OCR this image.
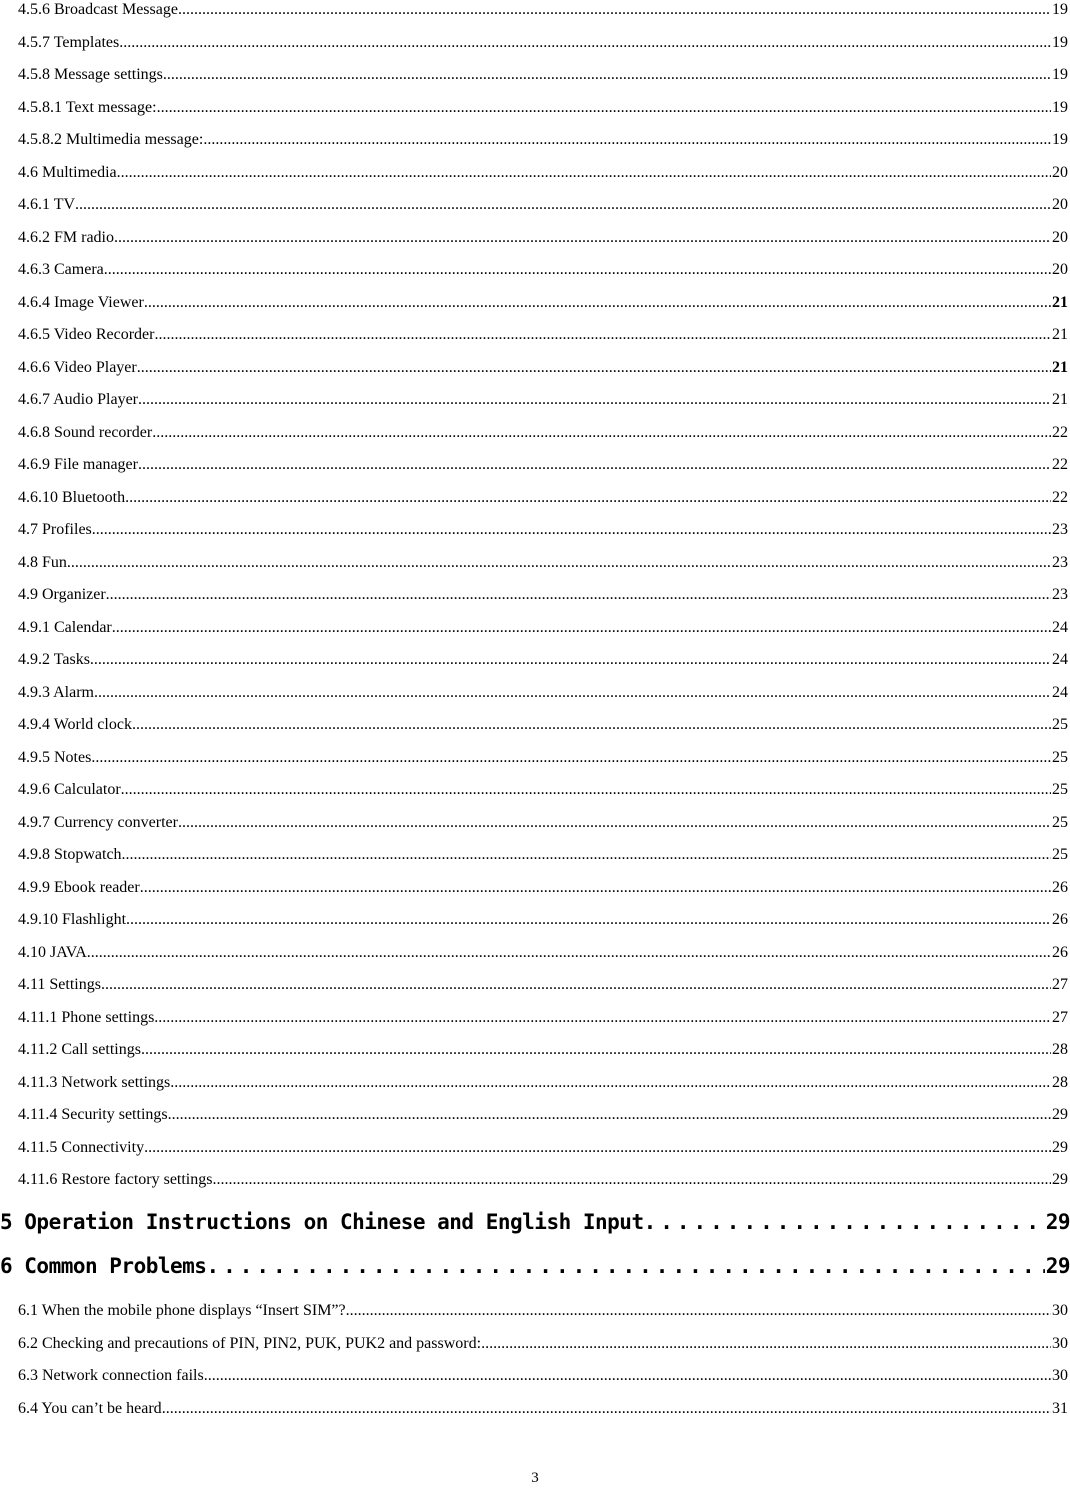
4.5.6 Broadcast Message .....	19
4.5.7 Templates .....	19
4.5.8 Message settings .....	19
4.5.8.1 Text message: .....	19
4.5.8.2 Multimedia message: .....	19
4.6 Multimedia .....	20
4.6.1 TV .....	20
4.6.2 FM radio .....	20
4.6.3 Camera .....	20
4.6.4 Image Viewer .....	21
4.6.5 Video Recorder .....	21
4.6.6 Video Player .....	21
4.6.7 Audio Player .....	21
4.6.8 Sound recorder .....	22
4.6.9 File manager .....	22
4.6.10 Bluetooth .....	22
4.7 Profiles .....	23
4.8 Fun .....	23
4.9 Organizer .....	23
4.9.1 Calendar .....	24
4.9.2 Tasks .....	24
4.9.3 Alarm .....	24
4.9.4 World clock .....	25
4.9.5 Notes .....	25
4.9.6 Calculator .....	25
4.9.7 Currency converter .....	25
4.9.8 Stopwatch .....	25
4.9.9 Ebook reader .....	26
4.9.10 Flashlight .....	26
4.10 JAVA .....	26
4.11 Settings .....	27
4.11.1 Phone settings .....	27
4.11.2 Call settings .....	28
4.11.3 Network settings .....	28
4.11.4 Security settings .....	29
4.11.5 Connectivity .....	29
4.11.6 Restore factory settings .....	29
5 Operation Instructions on Chinese and English Input .....	29
6 Common Problems .....	29
6.1 When the mobile phone displays “Insert SIM”? .....	30
6.2 Checking and precautions of PIN, PIN2, PUK, PUK2 and password: .....	30
6.3 Network connection fails .....	30
6.4 You can’t be heard .....	31
3
